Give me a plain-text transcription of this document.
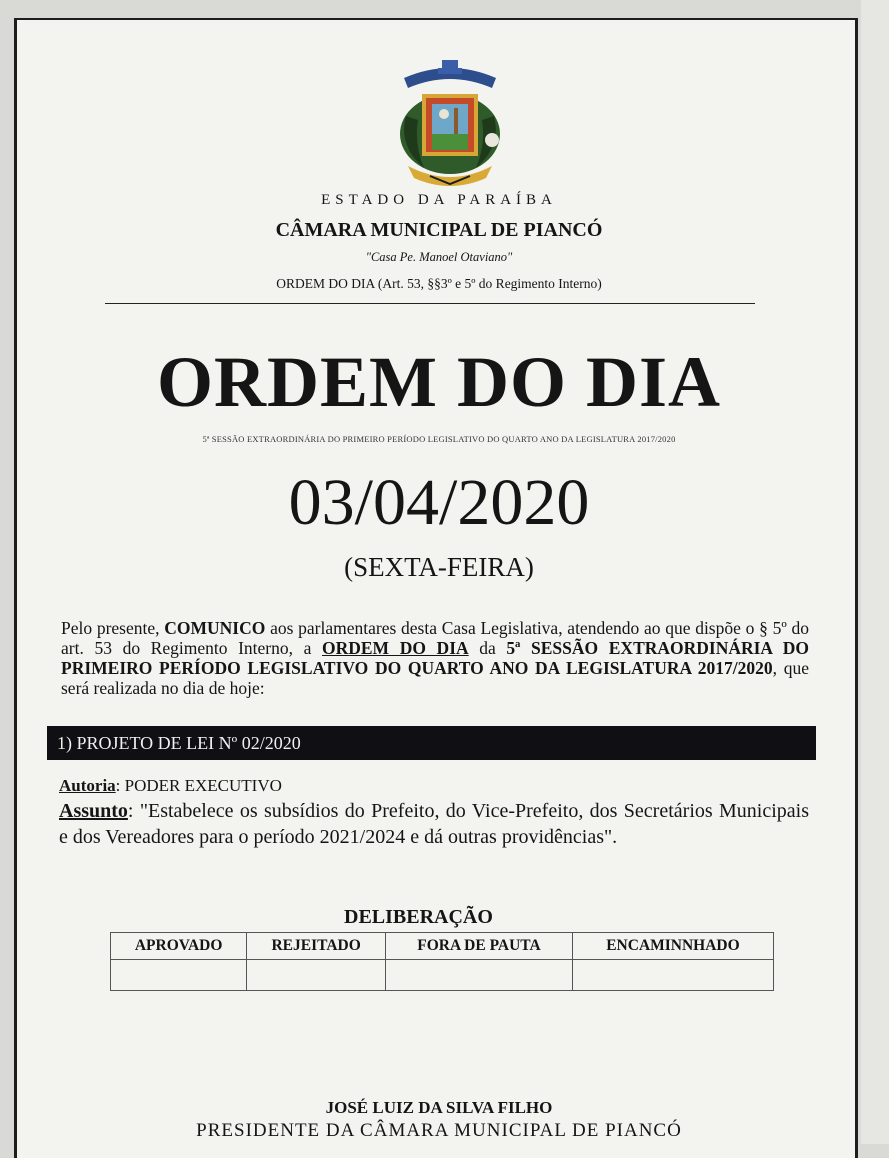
ESTADO DA PARAÍBA
CÂMARA MUNICIPAL DE PIANCÓ
"Casa Pe. Manoel Otaviano"
ORDEM DO DIA (Art. 53, §§3º e 5º do Regimento Interno)
ORDEM DO DIA
5ª SESSÃO EXTRAORDINÁRIA DO PRIMEIRO PERÍODO LEGISLATIVO DO QUARTO ANO DA LEGISLATURA 2017/2020
03/04/2020
(SEXTA-FEIRA)
Pelo presente, COMUNICO aos parlamentares desta Casa Legislativa, atendendo ao que dispõe o § 5º do art. 53 do Regimento Interno, a ORDEM DO DIA da 5ª SESSÃO EXTRAORDINÁRIA DO PRIMEIRO PERÍODO LEGISLATIVO DO QUARTO ANO DA LEGISLATURA 2017/2020, que será realizada no dia de hoje:
1) PROJETO DE LEI Nº 02/2020
Autoria: PODER EXECUTIVO
Assunto: "Estabelece os subsídios do Prefeito, do Vice-Prefeito, dos Secretários Municipais e dos Vereadores para o período 2021/2024 e dá outras providências".
DELIBERAÇÃO
APROVADO	REJEITADO	FORA DE PAUTA	ENCAMINNHADO

JOSÉ LUIZ DA SILVA FILHO
PRESIDENTE DA CÂMARA MUNICIPAL DE PIANCÓ
